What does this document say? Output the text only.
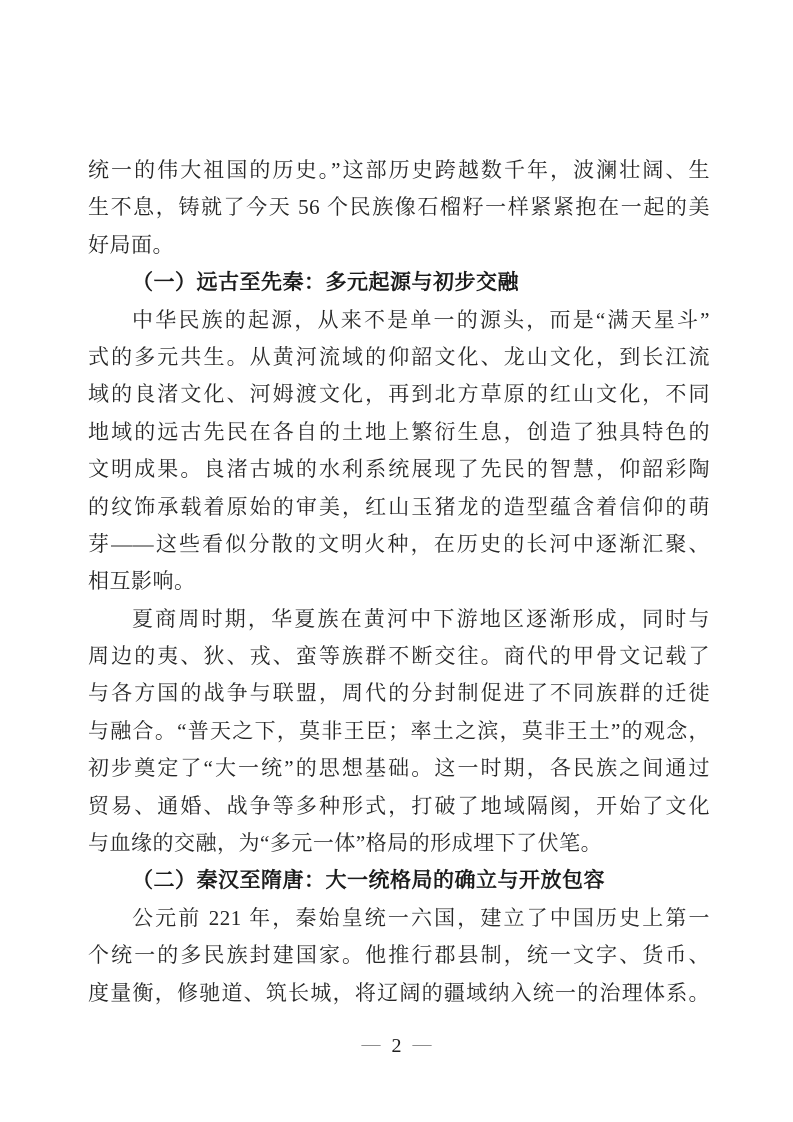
统一的伟大祖国的历史。”这部历史跨越数千年，波澜壮阔、生
生不息，铸就了今天 56 个民族像石榴籽一样紧紧抱在一起的美
好局面。
（一）远古至先秦：多元起源与初步交融
中华民族的起源，从来不是单一的源头，而是“满天星斗”
式的多元共生。从黄河流域的仰韶文化、龙山文化，到长江流
域的良渚文化、河姆渡文化，再到北方草原的红山文化，不同
地域的远古先民在各自的土地上繁衍生息，创造了独具特色的
文明成果。良渚古城的水利系统展现了先民的智慧，仰韶彩陶
的纹饰承载着原始的审美，红山玉猪龙的造型蕴含着信仰的萌
芽——这些看似分散的文明火种，在历史的长河中逐渐汇聚、
相互影响。
夏商周时期，华夏族在黄河中下游地区逐渐形成，同时与
周边的夷、狄、戎、蛮等族群不断交往。商代的甲骨文记载了
与各方国的战争与联盟，周代的分封制促进了不同族群的迁徙
与融合。“普天之下，莫非王臣；率土之滨，莫非王土”的观念，
初步奠定了“大一统”的思想基础。这一时期，各民族之间通过
贸易、通婚、战争等多种形式，打破了地域隔阂，开始了文化
与血缘的交融，为“多元一体”格局的形成埋下了伏笔。
（二）秦汉至隋唐：大一统格局的确立与开放包容
公元前 221 年，秦始皇统一六国，建立了中国历史上第一
个统一的多民族封建国家。他推行郡县制，统一文字、货币、
度量衡，修驰道、筑长城，将辽阔的疆域纳入统一的治理体系。
— 2 —
